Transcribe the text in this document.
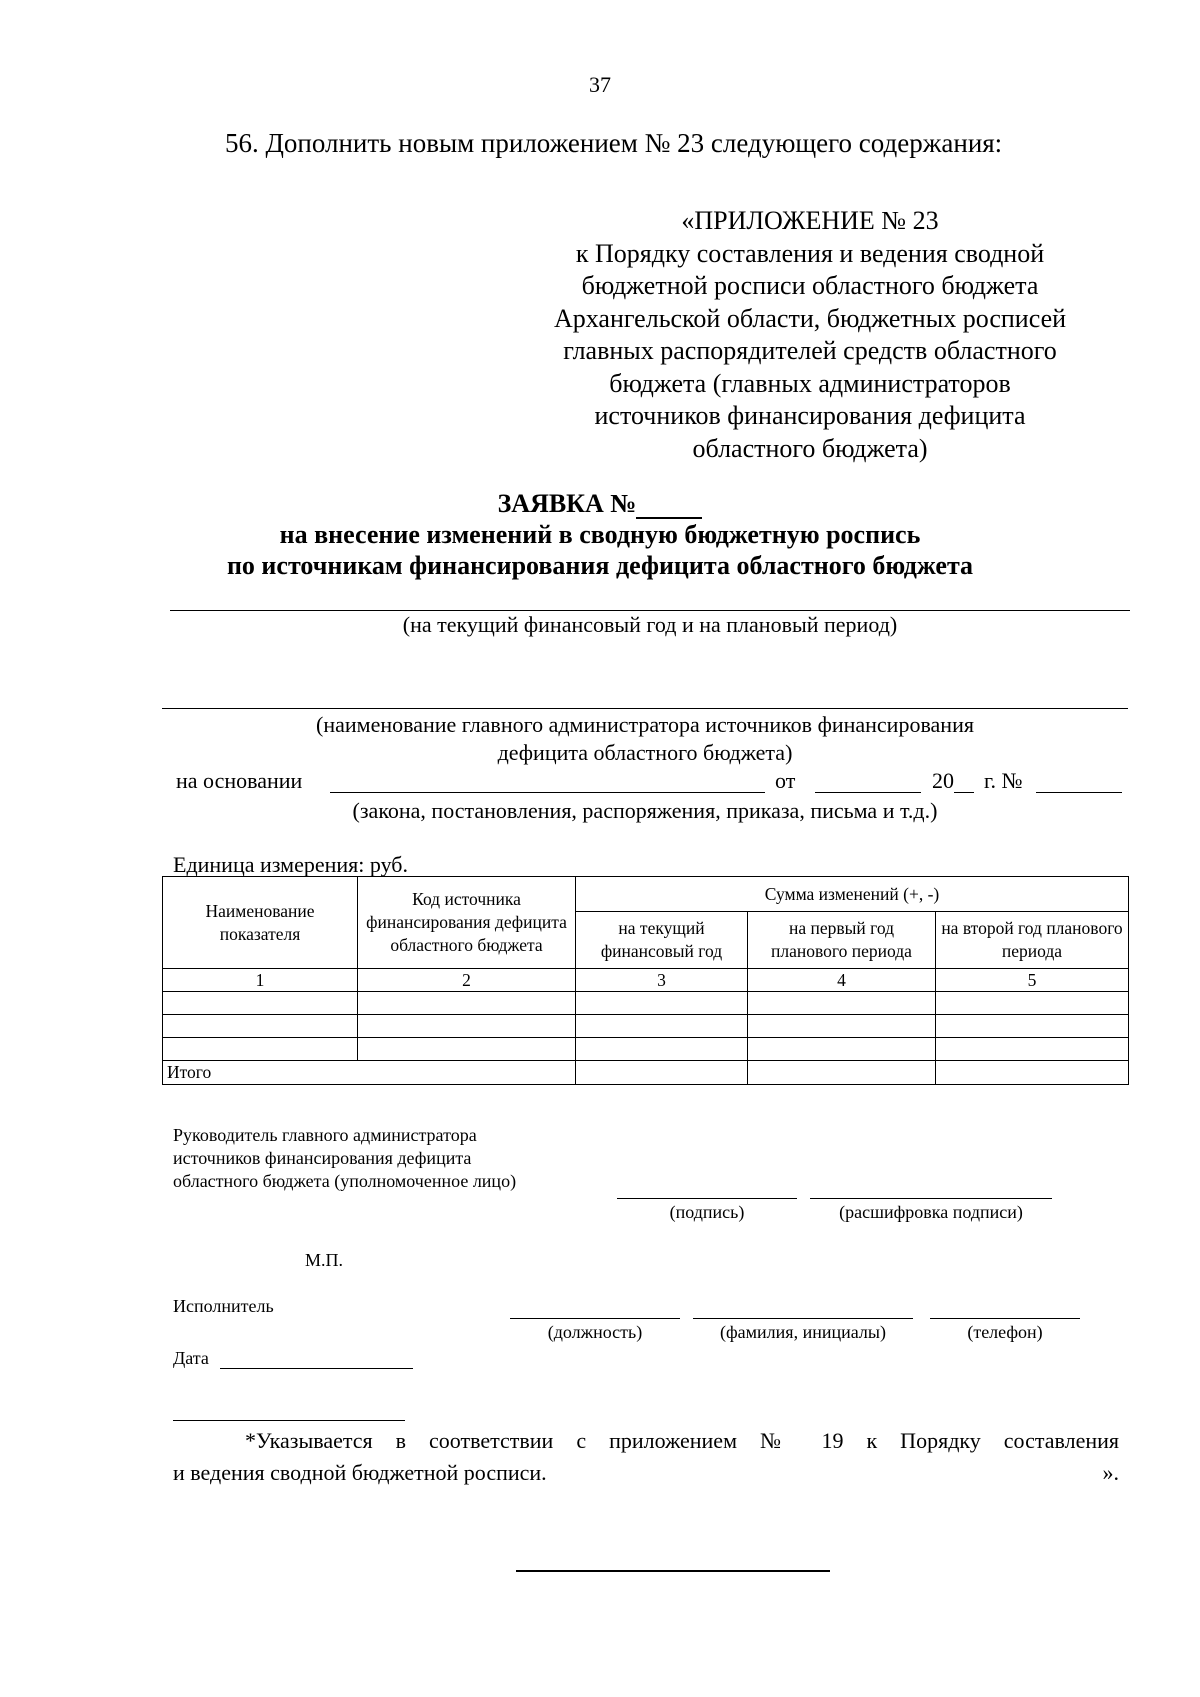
37
56. Дополнить новым приложением № 23 следующего содержания:
«ПРИЛОЖЕНИЕ № 23
к Порядку составления и ведения сводной
бюджетной росписи областного бюджета
Архангельской области, бюджетных росписей
главных распорядителей средств областного
бюджета (главных администраторов
источников финансирования дефицита
областного бюджета)
ЗАЯВКА №
на внесение изменений в сводную бюджетную роспись
по источникам финансирования дефицита областного бюджета
(на текущий финансовый год и на плановый период)
(наименование главного администратора источников финансирования
дефицита областного бюджета)
на основании	от	20 г. №
(закона, постановления, распоряжения, приказа, письма и т.д.)
Единица измерения: руб.
Наименование показателя	Код источника финансирования дефицита областного бюджета	Сумма изменений (+, -)		
		на текущий финансовый год	на первый год планового периода	на второй год планового периода
1	2	3	4	5

Итого				
Руководитель главного администратора
источников финансирования дефицита
областного бюджета (уполномоченное лицо)
(подпись)	(расшифровка подписи)
М.П.
Исполнитель
(должность)	(фамилия, инициалы)	(телефон)
Дата
*Указывается в соответствии с приложением № 19 к Порядку составления
и ведения сводной бюджетной росписи.	».
